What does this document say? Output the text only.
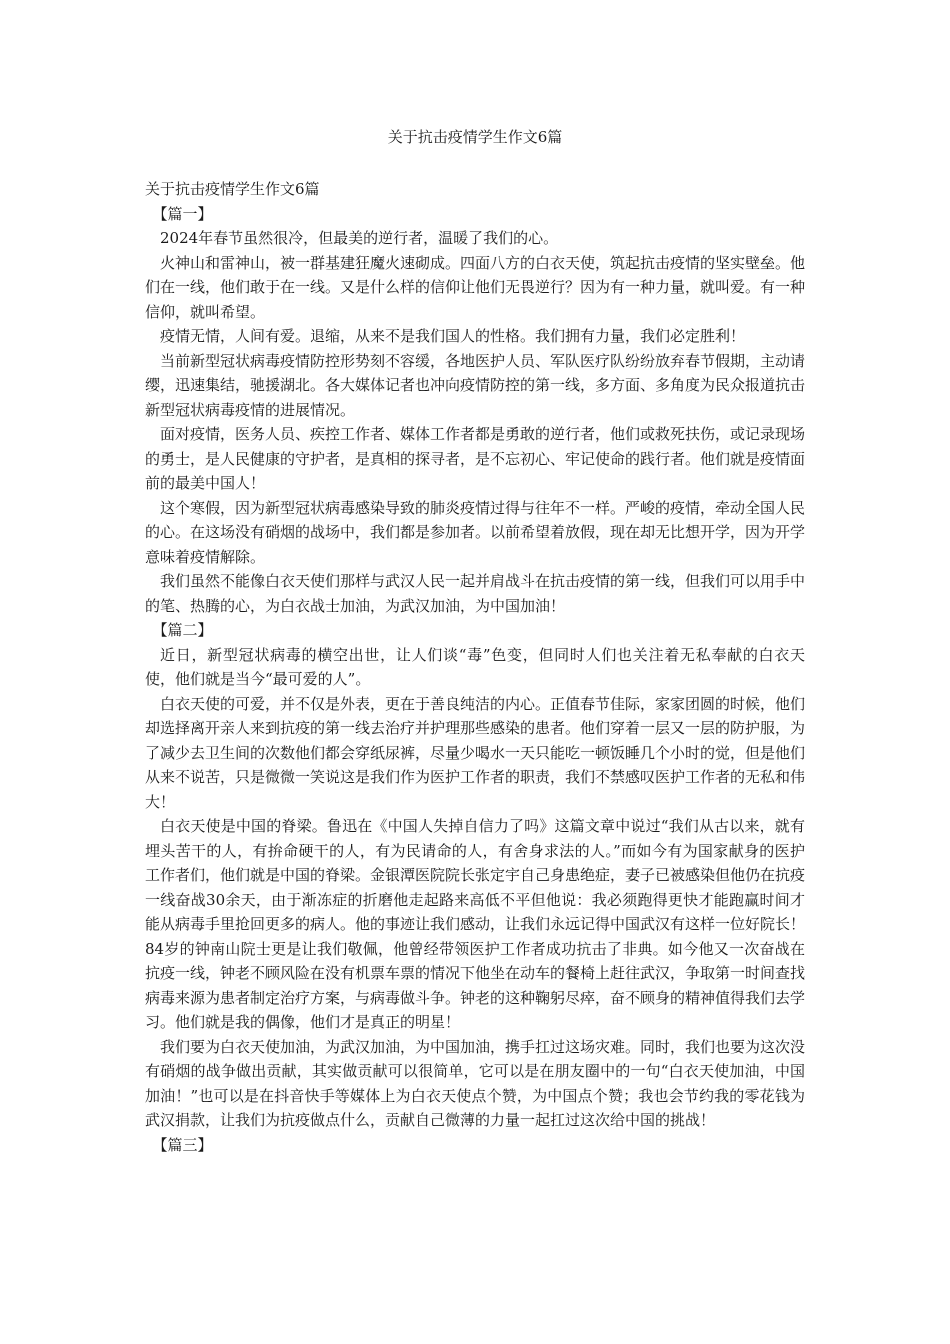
关于抗击疫情学生作文6篇

关于抗击疫情学生作文6篇

【篇一】

2024年春节虽然很冷，但最美的逆行者，温暖了我们的心。

火神山和雷神山，被一群基建狂魔火速砌成。四面八方的白衣天使，筑起抗击疫情的坚实壁垒。他们在一线，他们敢于在一线。又是什么样的信仰让他们无畏逆行？因为有一种力量，就叫爱。有一种信仰，就叫希望。

疫情无情，人间有爱。退缩，从来不是我们国人的性格。我们拥有力量，我们必定胜利！

当前新型冠状病毒疫情防控形势刻不容缓，各地医护人员、军队医疗队纷纷放弃春节假期，主动请缨，迅速集结，驰援湖北。各大媒体记者也冲向疫情防控的第一线，多方面、多角度为民众报道抗击新型冠状病毒疫情的进展情况。

面对疫情，医务人员、疾控工作者、媒体工作者都是勇敢的逆行者，他们或救死扶伤，或记录现场的勇士，是人民健康的守护者，是真相的探寻者，是不忘初心、牢记使命的践行者。他们就是疫情面前的最美中国人！

这个寒假，因为新型冠状病毒感染导致的肺炎疫情过得与往年不一样。严峻的疫情，牵动全国人民的心。在这场没有硝烟的战场中，我们都是参加者。以前希望着放假，现在却无比想开学，因为开学意味着疫情解除。

我们虽然不能像白衣天使们那样与武汉人民一起并肩战斗在抗击疫情的第一线，但我们可以用手中的笔、热腾的心，为白衣战士加油，为武汉加油，为中国加油！

【篇二】

近日，新型冠状病毒的横空出世，让人们谈“毒”色变，但同时人们也关注着无私奉献的白衣天使，他们就是当今“最可爱的人”。

白衣天使的可爱，并不仅是外表，更在于善良纯洁的内心。正值春节佳际，家家团圆的时候，他们却选择离开亲人来到抗疫的第一线去治疗并护理那些感染的患者。他们穿着一层又一层的防护服，为了减少去卫生间的次数他们都会穿纸尿裤，尽量少喝水一天只能吃一顿饭睡几个小时的觉，但是他们从来不说苦，只是微微一笑说这是我们作为医护工作者的职责，我们不禁感叹医护工作者的无私和伟大！

白衣天使是中国的脊梁。鲁迅在《中国人失掉自信力了吗》这篇文章中说过“我们从古以来，就有埋头苦干的人，有拚命硬干的人，有为民请命的人，有舍身求法的人。”而如今有为国家献身的医护工作者们，他们就是中国的脊梁。金银潭医院院长张定宇自己身患绝症，妻子已被感染但他仍在抗疫一线奋战30余天，由于渐冻症的折磨他走起路来高低不平但他说：我必须跑得更快才能跑赢时间才能从病毒手里抢回更多的病人。他的事迹让我们感动，让我们永远记得中国武汉有这样一位好院长！84岁的钟南山院士更是让我们敬佩，他曾经带领医护工作者成功抗击了非典。如今他又一次奋战在抗疫一线，钟老不顾风险在没有机票车票的情况下他坐在动车的餐椅上赶往武汉，争取第一时间查找病毒来源为患者制定治疗方案，与病毒做斗争。钟老的这种鞠躬尽瘁，奋不顾身的精神值得我们去学习。他们就是我的偶像，他们才是真正的明星！

我们要为白衣天使加油，为武汉加油，为中国加油，携手扛过这场灾难。同时，我们也要为这次没有硝烟的战争做出贡献，其实做贡献可以很简单，它可以是在朋友圈中的一句“白衣天使加油，中国加油！”也可以是在抖音快手等媒体上为白衣天使点个赞，为中国点个赞；我也会节约我的零花钱为武汉捐款，让我们为抗疫做点什么，贡献自己微薄的力量一起扛过这次给中国的挑战！

【篇三】
